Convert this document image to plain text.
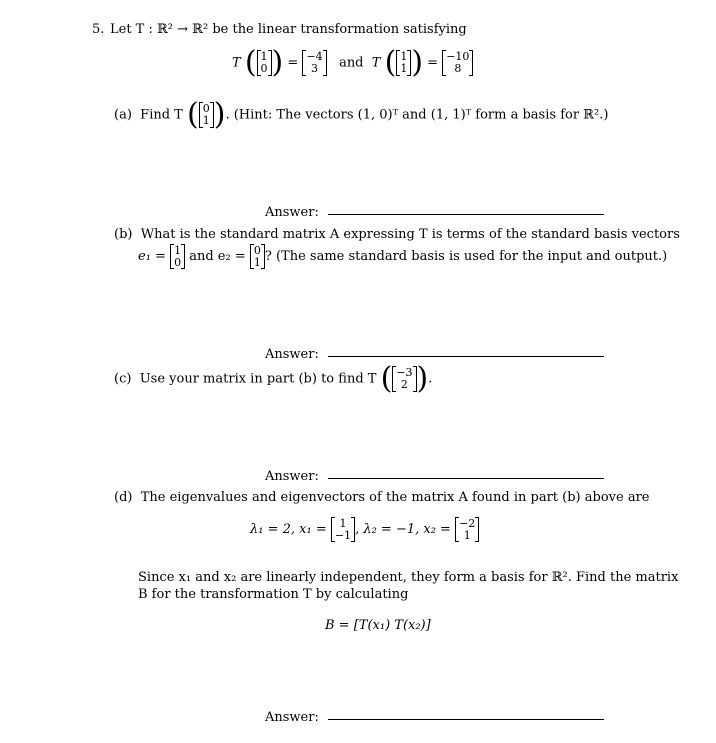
5. Let T : ℝ² → ℝ² be the linear transformation satisfying
T ( 1
0 ) = −4
3	and T ( 1
1 ) = −10
8
(a) Find T ( 0
1 ). (Hint: The vectors (1, 0)ᵀ and (1, 1)ᵀ form a basis for ℝ².)
Answer:
(b) What is the standard matrix A expressing T is terms of the standard basis vectors
e₁ = 1
0 and e₂ = 0
1 ? (The same standard basis is used for the input and output.)
Answer:
(c) Use your matrix in part (b) to find T ( −3
2 ).
Answer:
(d) The eigenvalues and eigenvectors of the matrix A found in part (b) above are
λ₁ = 2, x₁ =	1
−1 , λ₂ = −1, x₂ = −2
1
Since x₁ and x₂ are linearly independent, they form a basis for ℝ². Find the matrix
B for the transformation T by calculating
B = [T(x₁) T(x₂)]
Answer:
